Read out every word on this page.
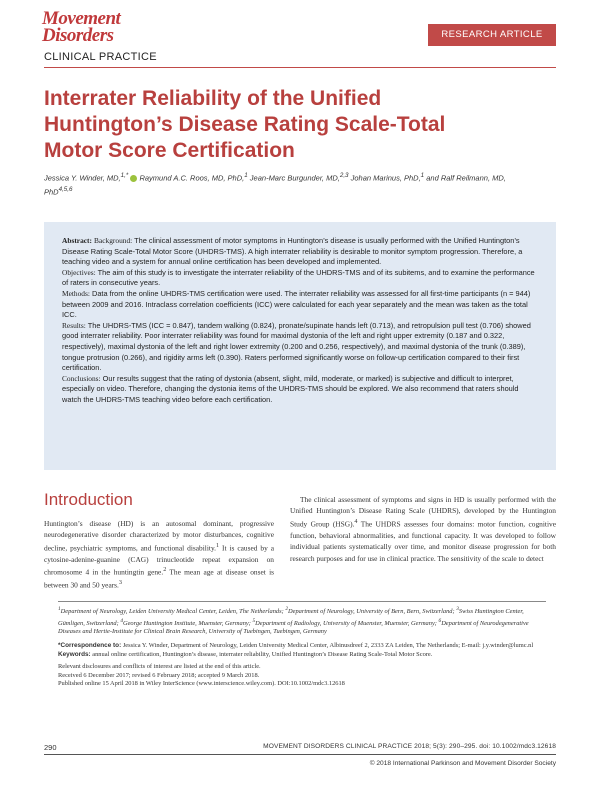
Movement
Disorders	RESEARCH ARTICLE
CLINICAL PRACTICE
Interrater Reliability of the Unified Huntington’s Disease Rating Scale-Total Motor Score Certification
Jessica Y. Winder, MD,$^{1,*}$  Raymund A.C. Roos, MD, PhD,$^1$ Jean-Marc Burgunder, MD,$^{2,3}$ Johan Marinus, PhD,$^1$ and Ralf Reilmann, MD, PhD$^{4,5,6}$

Abstract: Background: The clinical assessment of motor symptoms in Huntington’s disease is usually performed with the Unified Huntington’s Disease Rating Scale-Total Motor Score (UHDRS-TMS). A high interrater reliability is desirable to monitor symptom progression. Therefore, a teaching video and a system for annual online certification has been developed and implemented.

Objectives: The aim of this study is to investigate the interrater reliability of the UHDRS-TMS and of its subitems, and to examine the performance of raters in consecutive years.

Methods: Data from the online UHDRS-TMS certification were used. The interrater reliability was assessed for all first-time participants (n = 944) between 2009 and 2016. Intraclass correlation coefficients (ICC) were calculated for each year separately and the mean was taken as the total ICC.

Results: The UHDRS-TMS (ICC = 0.847), tandem walking (0.824), pronate/supinate hands left (0.713), and retropulsion pull test (0.706) showed good interrater reliability. Poor interrater reliability was found for maximal dystonia of the left and right upper extremity (0.187 and 0.322, respectively), maximal dystonia of the left and right lower extremity (0.200 and 0.256, respectively), and maximal dystonia of the trunk (0.389), tongue protrusion (0.266), and rigidity arms left (0.390). Raters performed significantly worse on follow-up certification compared to their first certification.

Conclusions: Our results suggest that the rating of dystonia (absent, slight, mild, moderate, or marked) is subjective and difficult to interpret, especially on video. Therefore, changing the dystonia items of the UHDRS-TMS should be explored. We also recommend that raters should watch the UHDRS-TMS teaching video before each certification.

Introduction

Huntington’s disease (HD) is an autosomal dominant, progressive neurodegenerative disorder characterized by motor disturbances, cognitive decline, psychiatric symptoms, and functional disability.$^1$ It is caused by a cytosine-adenine-guanine (CAG) trinucleotide repeat expansion on chromosome 4 in the huntingtin gene.$^2$ The mean age at disease onset is between 30 and 50 years.$^3$

The clinical assessment of symptoms and signs in HD is usually performed with the Unified Huntington’s Disease Rating Scale (UHDRS), developed by the Huntington Study Group (HSG).$^4$ The UHDRS assesses four domains: motor function, cognitive function, behavioral abnormalities, and functional capacity. It was developed to follow individual patients systematically over time, and monitor disease progression for both research purposes and for use in clinical practice. The sensitivity of the scale to detect

$^1$Department of Neurology, Leiden University Medical Center, Leiden, The Netherlands; $^2$Department of Neurology, University of Bern, Bern, Switzerland; $^3$Swiss Huntington Center, Gümligen, Switzerland; $^4$George Huntington Institute, Muenster, Germany; $^5$Department of Radiology, University of Muenster, Muenster, Germany; $^6$Department of Neurodegenerative Diseases and Hertie-Institute for Clinical Brain Research, University of Tuebingen, Tuebingen, Germany

*Correspondence to: Jessica Y. Winder, Department of Neurology, Leiden University Medical Center, Albinusdreef 2, 2333 ZA Leiden, The Netherlands; E-mail: j.y.winder@lumc.nl

Keywords: annual online certification, Huntington’s disease, interrater reliability, Unified Huntington’s Disease Rating Scale-Total Motor Score.

Relevant disclosures and conflicts of interest are listed at the end of this article.

Received 6 December 2017; revised 6 February 2018; accepted 9 March 2018.

Published online 15 April 2018 in Wiley InterScience (www.interscience.wiley.com). DOI:10.1002/mdc3.12618

290	MOVEMENT DISORDERS CLINICAL PRACTICE 2018; 5(3): 290–295. doi: 10.1002/mdc3.12618
© 2018 International Parkinson and Movement Disorder Society
